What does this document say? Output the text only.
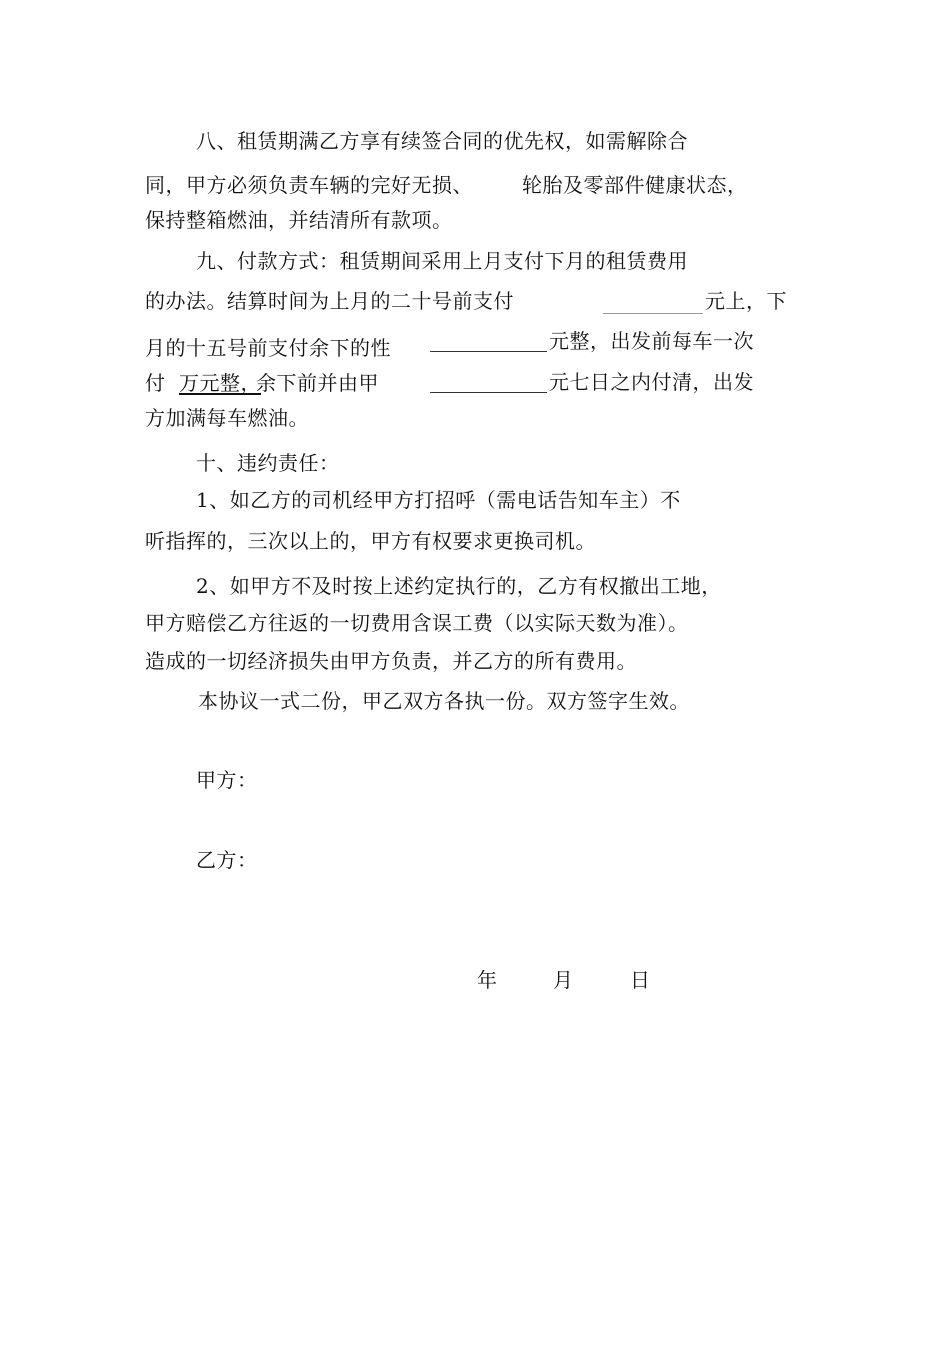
八、租赁期满乙方享有续签合同的优先权，如需解除合
同，甲方必须负责车辆的完好无损、 轮胎及零部件健康状态，
保持整箱燃油，并结清所有款项。
九、付款方式：租赁期间采用上月支付下月的租赁费用
的办法。结算时间为上月的二十号前支付	元上，下
月的十五号前支付余下的性	元整，出发前每车一次
付 万元整，
余下前并由甲	元七日之内付清，出发
方加满每车燃油。
十、违约责任：
1、如乙方的司机经甲方打招呼（需电话告知车主）不
听指挥的，三次以上的，甲方有权要求更换司机。
2、如甲方不及时按上述约定执行的，乙方有权撤出工地，
甲方赔偿乙方往返的一切费用含误工费（以实际天数为准）。
造成的一切经济损失由甲方负责，并乙方的所有费用。
本协议一式二份，甲乙双方各执一份。双方签字生效。
甲方：
乙方：
年	月	日
